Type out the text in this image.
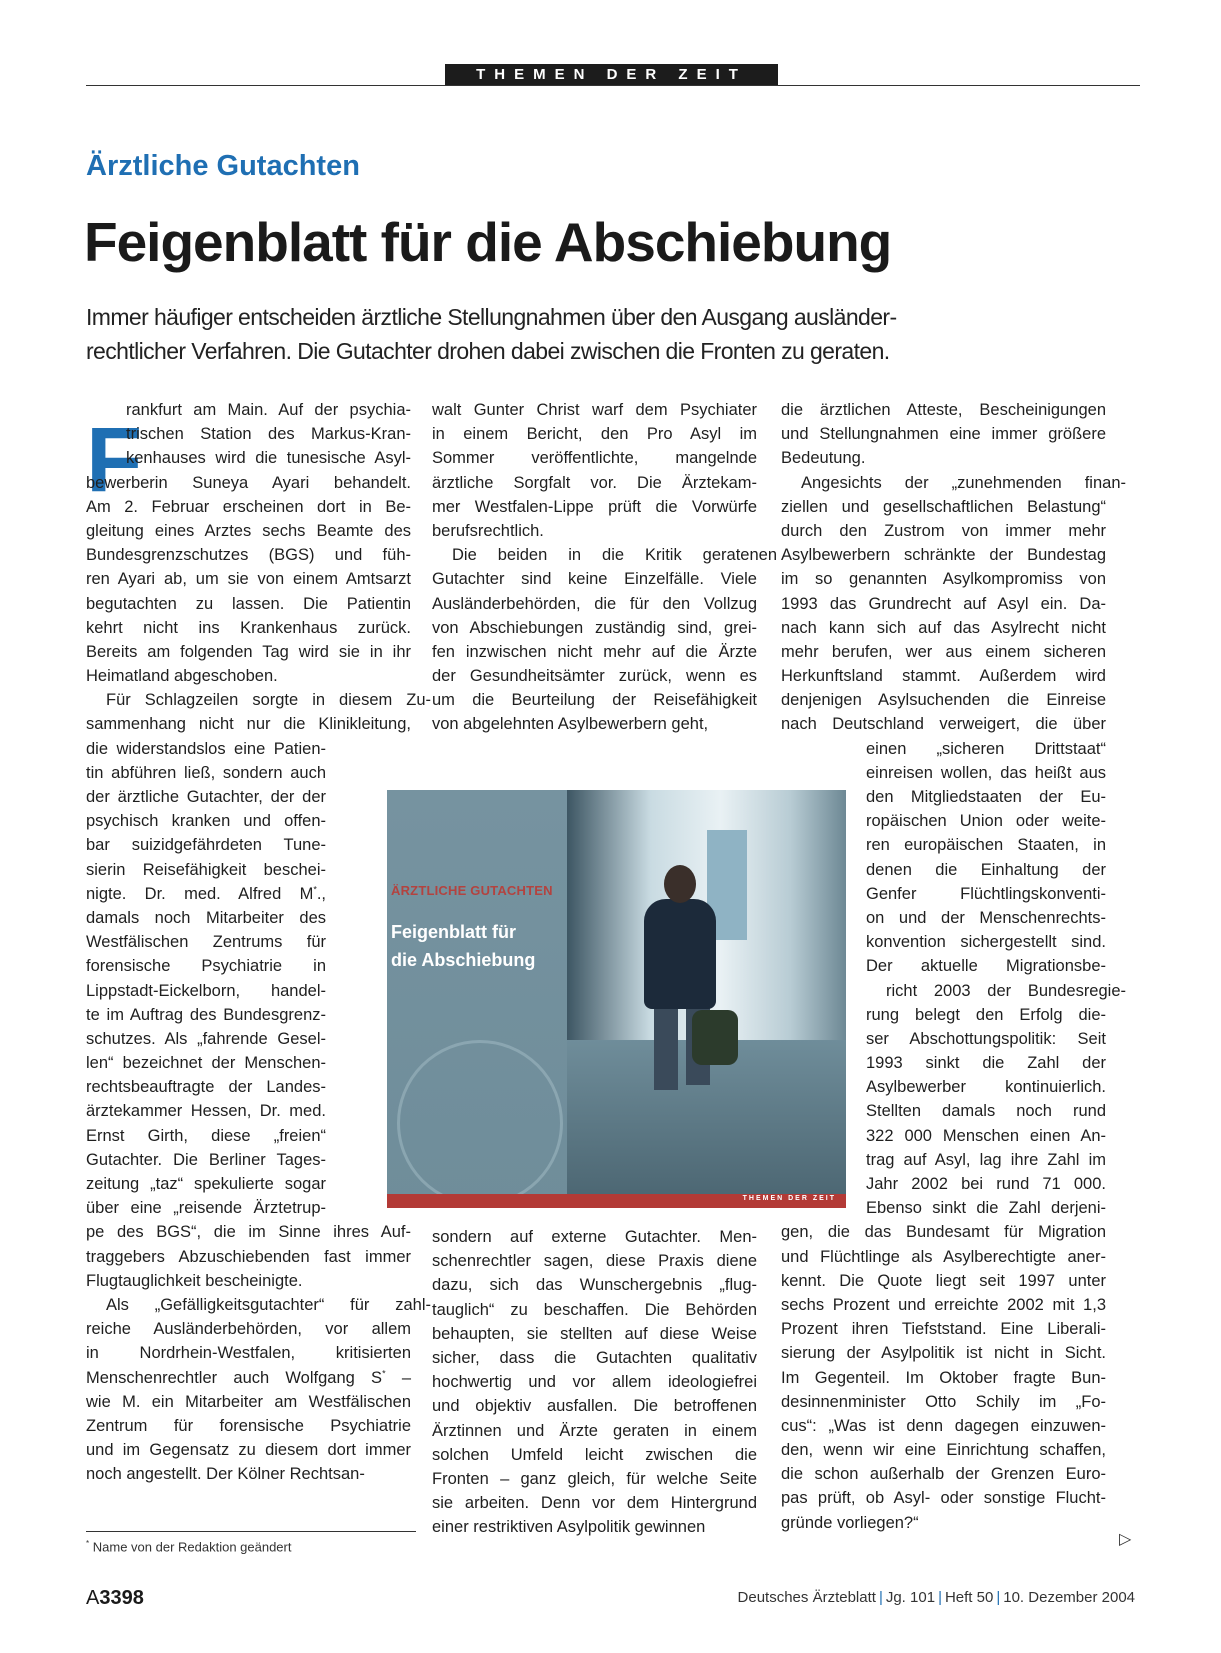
THEMEN DER ZEIT
Ärztliche Gutachten
Feigenblatt für die Abschiebung
Immer häufiger entscheiden ärztliche Stellungnahmen über den Ausgang ausländer-
rechtlicher Verfahren. Die Gutachter drohen dabei zwischen die Fronten zu geraten.
F
rankfurt am Main. Auf der psychia-
trischen Station des Markus-Kran-
kenhauses wird die tunesische Asyl-
bewerberin Suneya Ayari behandelt.
Am 2. Februar erscheinen dort in Be-
gleitung eines Arztes sechs Beamte des
Bundesgrenzschutzes (BGS) und füh-
ren Ayari ab, um sie von einem Amtsarzt
begutachten zu lassen. Die Patientin
kehrt nicht ins Krankenhaus zurück.
Bereits am folgenden Tag wird sie in ihr
Heimatland abgeschoben.
Für Schlagzeilen sorgte in diesem Zu-
sammenhang nicht nur die Klinikleitung,
die widerstandslos eine Patien-
tin abführen ließ, sondern auch
der ärztliche Gutachter, der der
psychisch kranken und offen-
bar suizidgefährdeten Tune-
sierin Reisefähigkeit beschei-
nigte. Dr. med. Alfred M*.,
damals noch Mitarbeiter des
Westfälischen Zentrums für
forensische Psychiatrie in
Lippstadt-Eickelborn, handel-
te im Auftrag des Bundesgrenz-
schutzes. Als „fahrende Gesel-
len“ bezeichnet der Menschen-
rechtsbeauftragte der Landes-
ärztekammer Hessen, Dr. med.
Ernst Girth, diese „freien“
Gutachter. Die Berliner Tages-
zeitung „taz“ spekulierte sogar
über eine „reisende Ärztetrup-
pe des BGS“, die im Sinne ihres Auf-
traggebers Abzuschiebenden fast immer
Flugtauglichkeit bescheinigte.
Als „Gefälligkeitsgutachter“ für zahl-
reiche Ausländerbehörden, vor allem
in Nordrhein-Westfalen, kritisierten
Menschenrechtler auch Wolfgang S* –
wie M. ein Mitarbeiter am Westfälischen
Zentrum für forensische Psychiatrie
und im Gegensatz zu diesem dort immer
noch angestellt. Der Kölner Rechtsan-
walt Gunter Christ warf dem Psychiater
in einem Bericht, den Pro Asyl im
Sommer veröffentlichte, mangelnde
ärztliche Sorgfalt vor. Die Ärztekam-
mer Westfalen-Lippe prüft die Vorwürfe
berufsrechtlich.
Die beiden in die Kritik geratenen
Gutachter sind keine Einzelfälle. Viele
Ausländerbehörden, die für den Vollzug
von Abschiebungen zuständig sind, grei-
fen inzwischen nicht mehr auf die Ärzte
der Gesundheitsämter zurück, wenn es
um die Beurteilung der Reisefähigkeit
von abgelehnten Asylbewerbern geht,
sondern auf externe Gutachter. Men-
schenrechtler sagen, diese Praxis diene
dazu, sich das Wunschergebnis „flug-
tauglich“ zu beschaffen. Die Behörden
behaupten, sie stellten auf diese Weise
sicher, dass die Gutachten qualitativ
hochwertig und vor allem ideologiefrei
und objektiv ausfallen. Die betroffenen
Ärztinnen und Ärzte geraten in einem
solchen Umfeld leicht zwischen die
Fronten – ganz gleich, für welche Seite
sie arbeiten. Denn vor dem Hintergrund
einer restriktiven Asylpolitik gewinnen
die ärztlichen Atteste, Bescheinigungen
und Stellungnahmen eine immer größere
Bedeutung.
Angesichts der „zunehmenden finan-
ziellen und gesellschaftlichen Belastung“
durch den Zustrom von immer mehr
Asylbewerbern schränkte der Bundestag
im so genannten Asylkompromiss von
1993 das Grundrecht auf Asyl ein. Da-
nach kann sich auf das Asylrecht nicht
mehr berufen, wer aus einem sicheren
Herkunftsland stammt. Außerdem wird
denjenigen Asylsuchenden die Einreise
nach Deutschland verweigert, die über
einen „sicheren Drittstaat“
einreisen wollen, das heißt aus
den Mitgliedstaaten der Eu-
ropäischen Union oder weite-
ren europäischen Staaten, in
denen die Einhaltung der
Genfer Flüchtlingskonventi-
on und der Menschenrechts-
konvention sichergestellt sind.
Der aktuelle Migrationsbe-
richt 2003 der Bundesregie-
rung belegt den Erfolg die-
ser Abschottungspolitik: Seit
1993 sinkt die Zahl der
Asylbewerber kontinuierlich.
Stellten damals noch rund
322 000 Menschen einen An-
trag auf Asyl, lag ihre Zahl im
Jahr 2002 bei rund 71 000.
Ebenso sinkt die Zahl derjeni-
gen, die das Bundesamt für Migration
und Flüchtlinge als Asylberechtigte aner-
kennt. Die Quote liegt seit 1997 unter
sechs Prozent und erreichte 2002 mit 1,3
Prozent ihren Tiefststand. Eine Liberali-
sierung der Asylpolitik ist nicht in Sicht.
Im Gegenteil. Im Oktober fragte Bun-
desinnenminister Otto Schily im „Fo-
cus“: „Was ist denn dagegen einzuwen-
den, wenn wir eine Einrichtung schaffen,
die schon außerhalb der Grenzen Euro-
pas prüft, ob Asyl- oder sonstige Flucht-
gründe vorliegen?“
ÄRZTLICHE GUTACHTEN
Feigenblatt für
die Abschiebung
THEMEN DER ZEIT
* Name von der Redaktion geändert	▷
A3398	Deutsches Ärzteblatt | Jg. 101 | Heft 50 | 10. Dezember 2004
